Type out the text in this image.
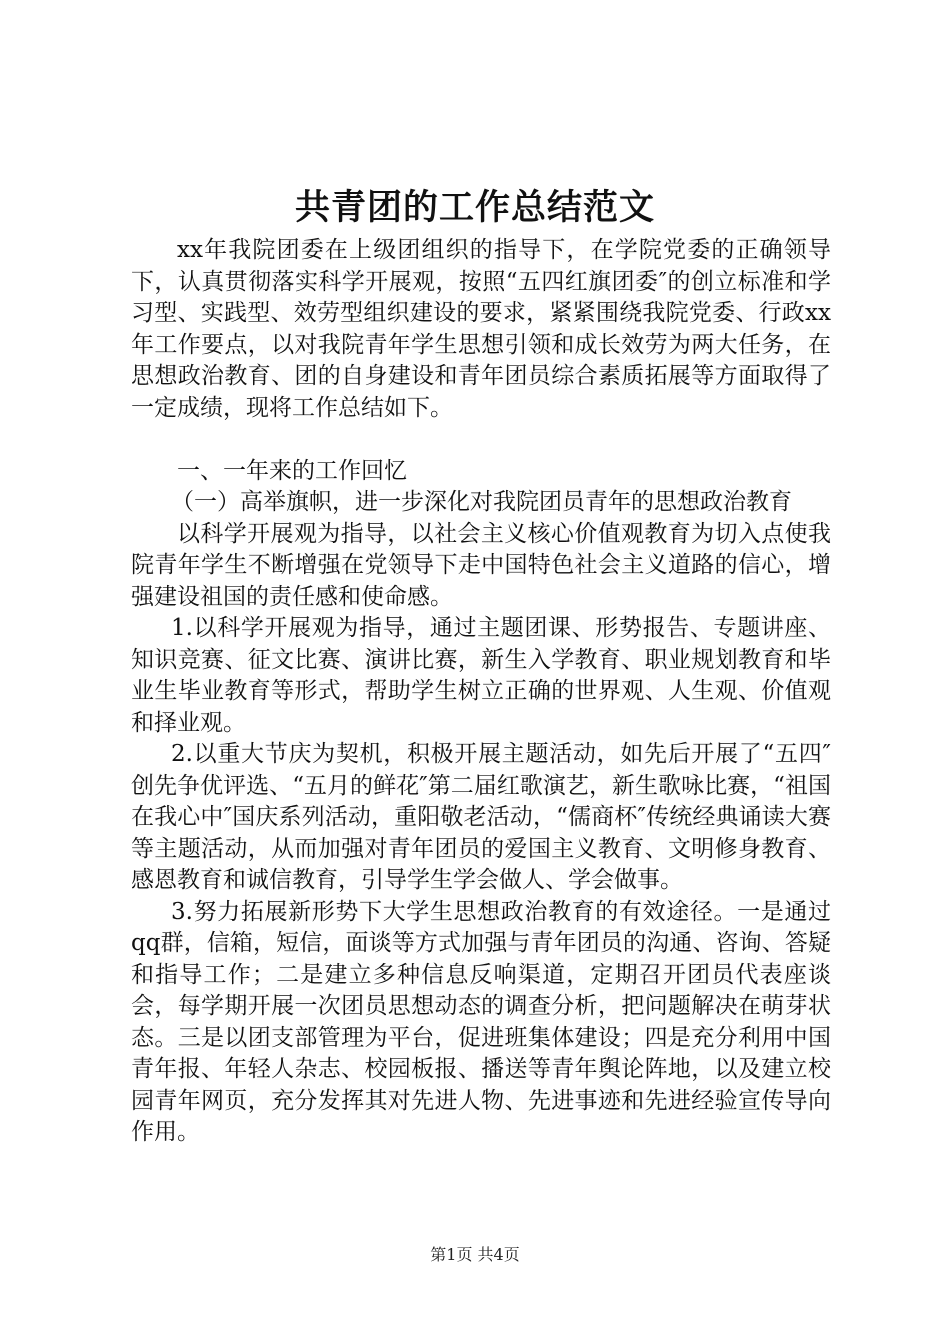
共青团的工作总结范文

xx年我院团委在上级团组织的指导下，在学院党委的正确领导下，认真贯彻落实科学开展观，按照“五四红旗团委″的创立标准和学习型、实践型、效劳型组织建设的要求，紧紧围绕我院党委、行政xx年工作要点，以对我院青年学生思想引领和成长效劳为两大任务，在思想政治教育、团的自身建设和青年团员综合素质拓展等方面取得了一定成绩，现将工作总结如下。

一、一年来的工作回忆

（一）高举旗帜，进一步深化对我院团员青年的思想政治教育

以科学开展观为指导，以社会主义核心价值观教育为切入点使我院青年学生不断增强在党领导下走中国特色社会主义道路的信心，增强建设祖国的责任感和使命感。

1.以科学开展观为指导，通过主题团课、形势报告、专题讲座、知识竞赛、征文比赛、演讲比赛，新生入学教育、职业规划教育和毕业生毕业教育等形式，帮助学生树立正确的世界观、人生观、价值观和择业观。

2.以重大节庆为契机，积极开展主题活动，如先后开展了“五四″创先争优评选、“五月的鲜花″第二届红歌演艺，新生歌咏比赛，“祖国在我心中″国庆系列活动，重阳敬老活动，“儒商杯″传统经典诵读大赛等主题活动，从而加强对青年团员的爱国主义教育、文明修身教育、感恩教育和诚信教育，引导学生学会做人、学会做事。

3.努力拓展新形势下大学生思想政治教育的有效途径。一是通过qq群，信箱，短信，面谈等方式加强与青年团员的沟通、咨询、答疑和指导工作；二是建立多种信息反响渠道，定期召开团员代表座谈会，每学期开展一次团员思想动态的调查分析，把问题解决在萌芽状态。三是以团支部管理为平台，促进班集体建设；四是充分利用中国青年报、年轻人杂志、校园板报、播送等青年舆论阵地，以及建立校园青年网页，充分发挥其对先进人物、先进事迹和先进经验宣传导向作用。

第1页 共4页
